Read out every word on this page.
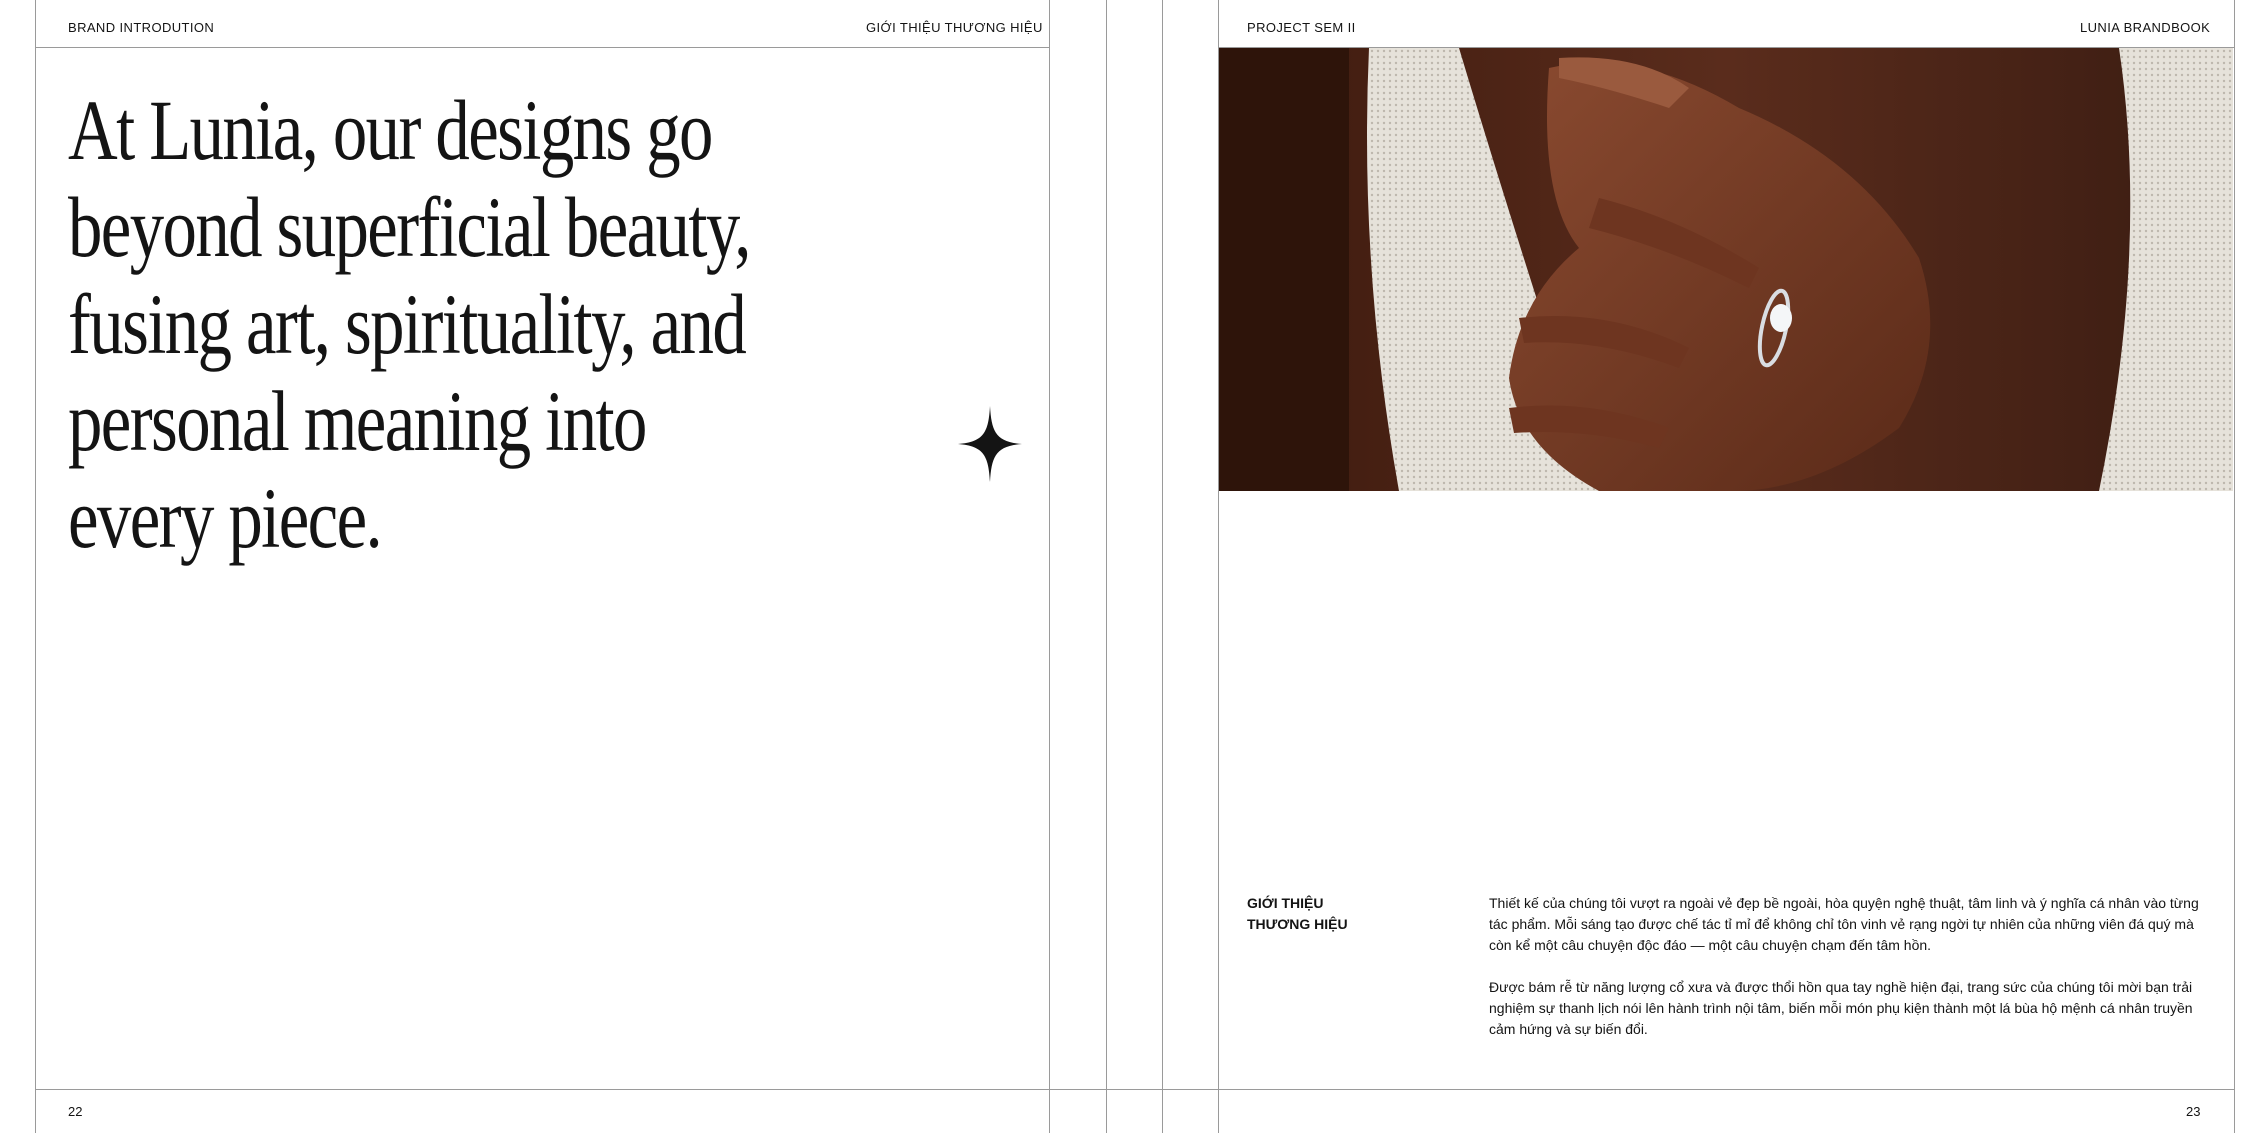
BRAND INTRODUTION	GIỚI THIỆU THƯƠNG HIỆU
At Lunia, our designs go beyond superficial beauty, fusing art, spirituality, and personal meaning into every piece.
22
PROJECT SEM II	LUNIA BRANDBOOK
GIỚI THIỆU
THƯƠNG HIỆU

Thiết kế của chúng tôi vượt ra ngoài vẻ đẹp bề ngoài, hòa quyện nghệ thuật, tâm linh và ý nghĩa cá nhân vào từng tác phẩm. Mỗi sáng tạo được chế tác tỉ mỉ để không chỉ tôn vinh vẻ rạng ngời tự nhiên của những viên đá quý mà còn kể một câu chuyện độc đáo — một câu chuyện chạm đến tâm hồn.

Được bám rễ từ năng lượng cổ xưa và được thổi hồn qua tay nghề hiện đại, trang sức của chúng tôi mời bạn trải nghiệm sự thanh lịch nói lên hành trình nội tâm, biến mỗi món phụ kiện thành một lá bùa hộ mệnh cá nhân truyền cảm hứng và sự biến đổi.

23
